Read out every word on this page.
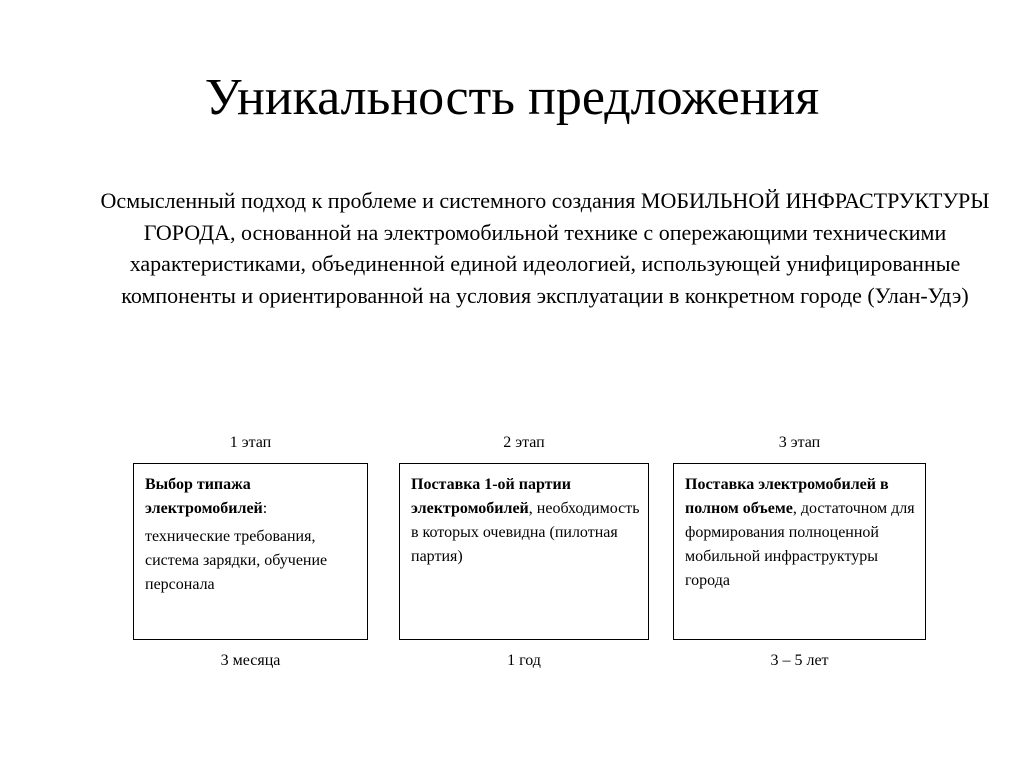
Уникальность предложения

Осмысленный подход к проблеме и системного создания МОБИЛЬНОЙ ИНФРАСТРУКТУРЫ ГОРОДА, основанной на электромобильной технике с опережающими техническими характеристиками, объединенной единой идеологией, использующей унифицированные компоненты и ориентированной на условия эксплуатации в конкретном городе (Улан-Удэ)

1 этап

Выбор типажа электромобилей:

технические требования, система зарядки, обучение персонала

3 месяца
2 этап

Поставка 1-ой партии электромобилей, необходимость в которых очевидна (пилотная партия)

1 год
3 этап

Поставка электромобилей в полном объеме, достаточном для формирования полноценной мобильной инфраструктуры города

3 – 5 лет
